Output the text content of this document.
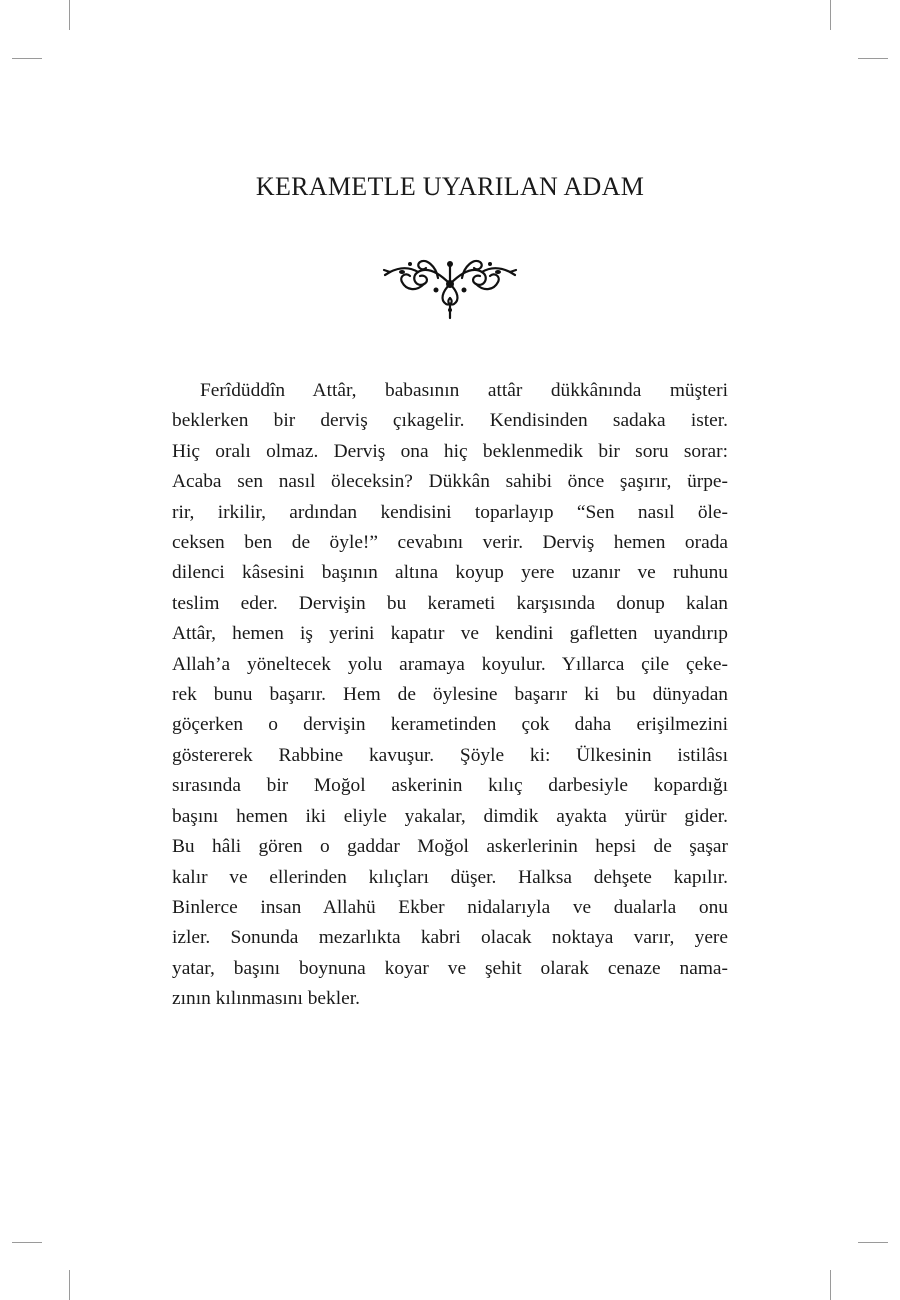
KERAMETLE UYARILAN ADAM
Ferîdüddîn Attâr, babasının attâr dükkânında müşteri
beklerken bir derviş çıkagelir. Kendisinden sadaka ister.
Hiç oralı olmaz. Derviş ona hiç beklenmedik bir soru sorar:
Acaba sen nasıl öleceksin? Dükkân sahibi önce şaşırır, ürpe-
rir, irkilir, ardından kendisini toparlayıp “Sen nasıl öle-
ceksen ben de öyle!” cevabını verir. Derviş hemen orada
dilenci kâsesini başının altına koyup yere uzanır ve ruhunu
teslim eder. Dervişin bu kerameti karşısında donup kalan
Attâr, hemen iş yerini kapatır ve kendini gafletten uyandırıp
Allah’a yöneltecek yolu aramaya koyulur. Yıllarca çile çeke-
rek bunu başarır. Hem de öylesine başarır ki bu dünyadan
göçerken o dervişin kerametinden çok daha erişilmezini
göstererek Rabbine kavuşur. Şöyle ki: Ülkesinin istilâsı
sırasında bir Moğol askerinin kılıç darbesiyle kopardığı
başını hemen iki eliyle yakalar, dimdik ayakta yürür gider.
Bu hâli gören o gaddar Moğol askerlerinin hepsi de şaşar
kalır ve ellerinden kılıçları düşer. Halksa dehşete kapılır.
Binlerce insan Allahü Ekber nidalarıyla ve dualarla onu
izler. Sonunda mezarlıkta kabri olacak noktaya varır, yere
yatar, başını boynuna koyar ve şehit olarak cenaze nama-
zının kılınmasını bekler.
